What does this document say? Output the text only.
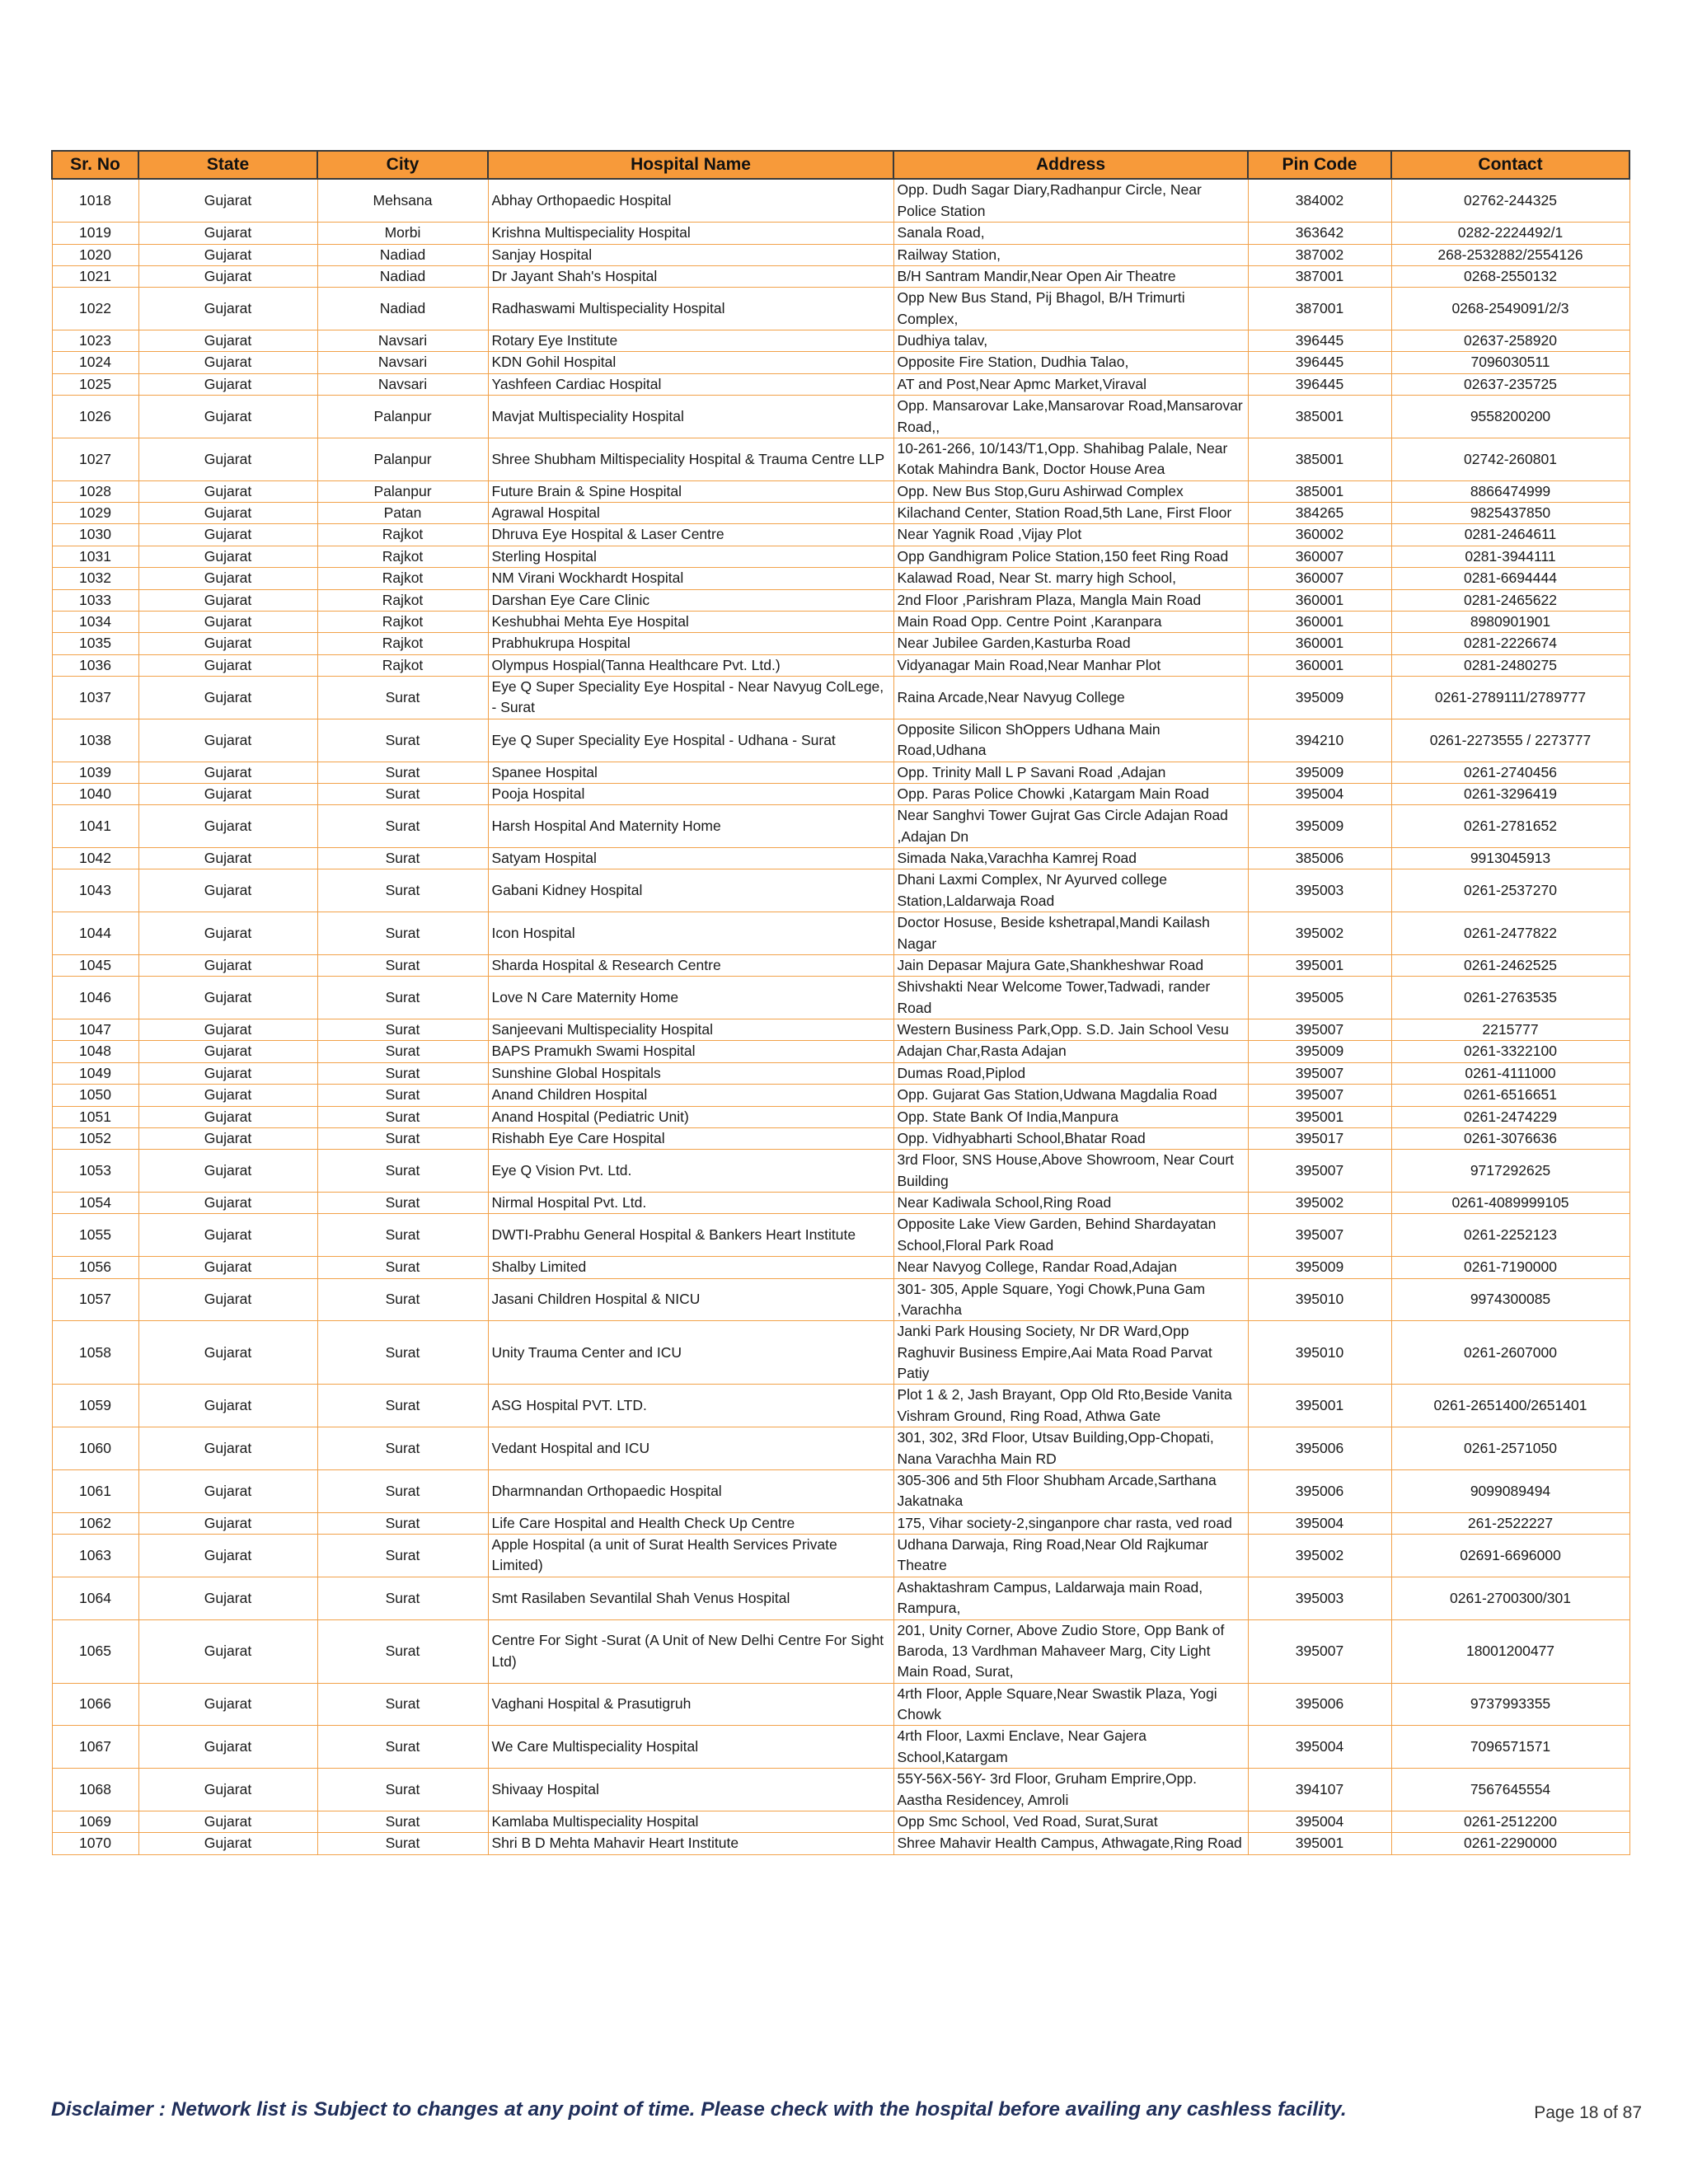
Sr. No	State	City	Hospital Name	Address	Pin Code	Contact
1018	Gujarat	Mehsana	Abhay Orthopaedic Hospital	Opp. Dudh Sagar Diary,Radhanpur Circle, Near Police Station	384002	02762-244325
1019	Gujarat	Morbi	Krishna Multispeciality Hospital	Sanala Road,	363642	0282-2224492/1
1020	Gujarat	Nadiad	Sanjay Hospital	Railway Station,	387002	268-2532882/2554126
1021	Gujarat	Nadiad	Dr Jayant Shah's Hospital	B/H Santram Mandir,Near Open Air Theatre	387001	0268-2550132
1022	Gujarat	Nadiad	Radhaswami Multispeciality Hospital	Opp New Bus Stand, Pij Bhagol, B/H Trimurti Complex,	387001	0268-2549091/2/3
1023	Gujarat	Navsari	Rotary Eye Institute	Dudhiya talav,	396445	02637-258920
1024	Gujarat	Navsari	KDN Gohil Hospital	Opposite Fire Station, Dudhia Talao,	396445	7096030511
1025	Gujarat	Navsari	Yashfeen Cardiac Hospital	AT and Post,Near Apmc Market,Viraval	396445	02637-235725
1026	Gujarat	Palanpur	Mavjat Multispeciality Hospital	Opp. Mansarovar Lake,Mansarovar Road,Mansarovar Road,,	385001	9558200200
1027	Gujarat	Palanpur	Shree Shubham Miltispeciality Hospital & Trauma Centre LLP	10-261-266, 10/143/T1,Opp. Shahibag Palale, Near Kotak Mahindra Bank, Doctor House Area	385001	02742-260801
1028	Gujarat	Palanpur	Future Brain & Spine Hospital	Opp. New Bus Stop,Guru Ashirwad Complex	385001	8866474999
1029	Gujarat	Patan	Agrawal Hospital	Kilachand Center, Station Road,5th Lane, First Floor	384265	9825437850
1030	Gujarat	Rajkot	Dhruva Eye Hospital & Laser Centre	Near Yagnik Road ,Vijay Plot	360002	0281-2464611
1031	Gujarat	Rajkot	Sterling Hospital	Opp Gandhigram Police Station,150 feet Ring Road	360007	0281-3944111
1032	Gujarat	Rajkot	NM Virani Wockhardt Hospital	Kalawad Road, Near St. marry high School,	360007	0281-6694444
1033	Gujarat	Rajkot	Darshan Eye Care Clinic	2nd Floor ,Parishram Plaza, Mangla Main Road	360001	0281-2465622
1034	Gujarat	Rajkot	Keshubhai Mehta Eye Hospital	Main Road Opp. Centre Point ,Karanpara	360001	8980901901
1035	Gujarat	Rajkot	Prabhukrupa Hospital	Near Jubilee Garden,Kasturba Road	360001	0281-2226674
1036	Gujarat	Rajkot	Olympus Hospial(Tanna Healthcare Pvt. Ltd.)	Vidyanagar Main Road,Near Manhar Plot	360001	0281-2480275
1037	Gujarat	Surat	Eye Q Super Speciality Eye Hospital - Near Navyug ColLege, - Surat	Raina Arcade,Near Navyug College	395009	0261-2789111/2789777
1038	Gujarat	Surat	Eye Q Super Speciality Eye Hospital - Udhana - Surat	Opposite Silicon ShOppers Udhana Main Road,Udhana	394210	0261-2273555 / 2273777
1039	Gujarat	Surat	Spanee Hospital	Opp. Trinity Mall L P Savani Road ,Adajan	395009	0261-2740456
1040	Gujarat	Surat	Pooja Hospital	Opp. Paras Police Chowki ,Katargam Main Road	395004	0261-3296419
1041	Gujarat	Surat	Harsh Hospital And Maternity Home	Near Sanghvi Tower Gujrat Gas Circle Adajan Road ,Adajan Dn	395009	0261-2781652
1042	Gujarat	Surat	Satyam Hospital	Simada Naka,Varachha Kamrej Road	385006	9913045913
1043	Gujarat	Surat	Gabani Kidney Hospital	Dhani Laxmi Complex, Nr Ayurved college Station,Laldarwaja Road	395003	0261-2537270
1044	Gujarat	Surat	Icon Hospital	Doctor Hosuse, Beside kshetrapal,Mandi Kailash Nagar	395002	0261-2477822
1045	Gujarat	Surat	Sharda Hospital & Research Centre	Jain Depasar Majura Gate,Shankheshwar Road	395001	0261-2462525
1046	Gujarat	Surat	Love N Care Maternity Home	Shivshakti Near Welcome Tower,Tadwadi, rander Road	395005	0261-2763535
1047	Gujarat	Surat	Sanjeevani Multispeciality Hospital	Western Business Park,Opp. S.D. Jain School Vesu	395007	2215777
1048	Gujarat	Surat	BAPS Pramukh Swami Hospital	Adajan Char,Rasta Adajan	395009	0261-3322100
1049	Gujarat	Surat	Sunshine Global Hospitals	Dumas Road,Piplod	395007	0261-4111000
1050	Gujarat	Surat	Anand Children Hospital	Opp. Gujarat Gas Station,Udwana Magdalia Road	395007	0261-6516651
1051	Gujarat	Surat	Anand Hospital (Pediatric Unit)	Opp. State Bank Of India,Manpura	395001	0261-2474229
1052	Gujarat	Surat	Rishabh Eye Care Hospital	Opp. Vidhyabharti School,Bhatar Road	395017	0261-3076636
1053	Gujarat	Surat	Eye Q Vision Pvt. Ltd.	3rd Floor, SNS House,Above Showroom, Near Court Building	395007	9717292625
1054	Gujarat	Surat	Nirmal Hospital Pvt. Ltd.	Near Kadiwala School,Ring Road	395002	0261-4089999105
1055	Gujarat	Surat	DWTI-Prabhu General Hospital & Bankers Heart Institute	Opposite Lake View Garden, Behind Shardayatan School,Floral Park Road	395007	0261-2252123
1056	Gujarat	Surat	Shalby Limited	Near Navyog College, Randar Road,Adajan	395009	0261-7190000
1057	Gujarat	Surat	Jasani Children Hospital & NICU	301- 305, Apple Square, Yogi Chowk,Puna Gam ,Varachha	395010	9974300085
1058	Gujarat	Surat	Unity Trauma Center and ICU	Janki Park Housing Society, Nr DR Ward,Opp Raghuvir Business Empire,Aai Mata Road Parvat Patiy	395010	0261-2607000
1059	Gujarat	Surat	ASG Hospital PVT. LTD.	Plot 1 & 2, Jash Brayant, Opp Old Rto,Beside Vanita Vishram Ground, Ring Road, Athwa Gate	395001	0261-2651400/2651401
1060	Gujarat	Surat	Vedant Hospital and ICU	301, 302, 3Rd Floor, Utsav Building,Opp-Chopati, Nana Varachha Main RD	395006	0261-2571050
1061	Gujarat	Surat	Dharmnandan Orthopaedic Hospital	305-306 and 5th Floor Shubham Arcade,Sarthana Jakatnaka	395006	9099089494
1062	Gujarat	Surat	Life Care Hospital and Health Check Up Centre	175, Vihar society-2,singanpore char rasta, ved road	395004	261-2522227
1063	Gujarat	Surat	Apple Hospital (a unit of Surat Health Services Private Limited)	Udhana Darwaja, Ring Road,Near Old Rajkumar Theatre	395002	02691-6696000
1064	Gujarat	Surat	Smt Rasilaben Sevantilal Shah Venus Hospital	Ashaktashram Campus, Laldarwaja main Road, Rampura,	395003	0261-2700300/301
1065	Gujarat	Surat	Centre For Sight -Surat (A Unit of New Delhi Centre For Sight Ltd)	201, Unity Corner, Above Zudio Store, Opp Bank of Baroda, 13 Vardhman Mahaveer Marg, City Light Main Road, Surat,	395007	18001200477
1066	Gujarat	Surat	Vaghani Hospital & Prasutigruh	4rth Floor, Apple Square,Near Swastik Plaza, Yogi Chowk	395006	9737993355
1067	Gujarat	Surat	We Care Multispeciality Hospital	4rth Floor, Laxmi Enclave, Near Gajera School,Katargam	395004	7096571571
1068	Gujarat	Surat	Shivaay Hospital	55Y-56X-56Y- 3rd Floor, Gruham Emprire,Opp. Aastha Residencey, Amroli	394107	7567645554
1069	Gujarat	Surat	Kamlaba Multispeciality Hospital	Opp Smc School, Ved Road, Surat,Surat	395004	0261-2512200
1070	Gujarat	Surat	Shri B D Mehta Mahavir Heart Institute	Shree Mahavir Health Campus, Athwagate,Ring Road	395001	0261-2290000
Disclaimer : Network list is Subject to changes at any point of time. Please check with the hospital before availing any cashless facility.	Page 18 of 87
